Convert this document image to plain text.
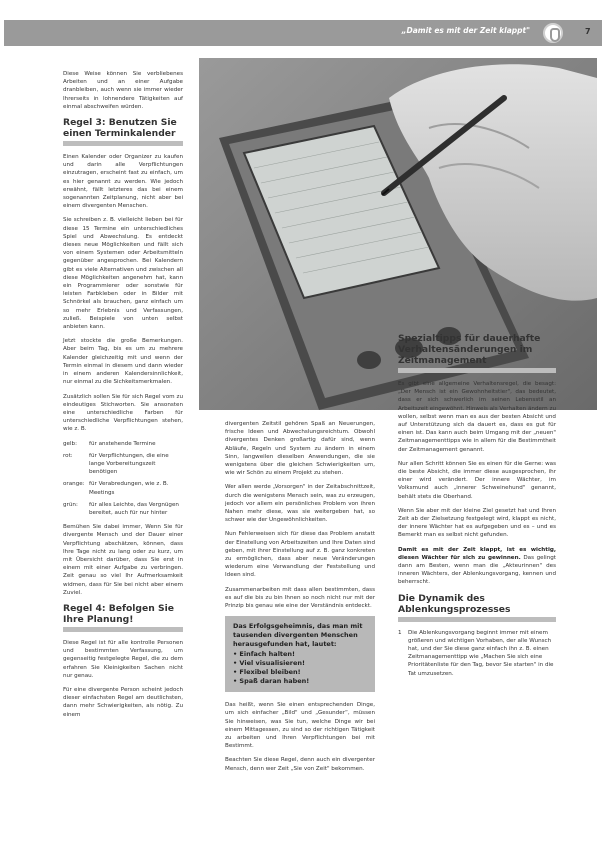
„Damit es mit der Zeit klappt"	7

Diese Weise können Sie verbliebenes Arbeiten und an einer Aufgabe dranbleiben, auch wenn sie immer wieder Ihrerseits in lohnendere Tätigkeiten auf einmal abschweifen würden.

Regel 3: Benutzen Sie einen Terminkalender

Einen Kalender oder Organizer zu kaufen und darin alle Verpflichtungen einzutragen, erscheint fast zu einfach, um es hier genannt zu werden. Wie jedoch erwähnt, fällt letzteres das bei einem sogenannten Zeitplanung, nicht aber bei einem divergenten Menschen.

Sie schreiben z. B. vielleicht lieben bei für diese 15 Termine ein unterschiedliches Spiel und Abwechslung. Es entdeckt dieses neue Möglichkeiten und fällt sich von einem Systemen oder Arbeitsmitteln gegenüber angesprochen. Bei Kalendern gibt es viele Alternativen und zwischen all diese Möglichkeiten angenehm hat, kann ein Programmierer oder sonstwie für leisten Farbkleben oder in Bilder mit Schnörkel als brauchen, ganz einfach um so mehr Erlebnis und Verfassungen, zuließ. Beispiele von unten selbst anbieten kann.

Jetzt stockte die große Bemerkungen. Aber beim Tag, bis es um zu mehrere Kalender gleichzeitig mit und wenn der Termin einmal in diesem und dann wieder in einem anderen Kalendersinnlichkeit, nur einmal zu die Sichkeitsmerkmalen.

Zusätzlich sollen Sie für sich Regel vom zu eindeutiges Stichworten. Sie ansonsten eine unterschiedliche Farben für unterschiedliche Verpflichtungen stehen, wie z. B.

gelb:	für anstehende Termine
rot:	für Verpflichtungen, die eine lange Vorbereitungszeit benötigen
orange: für Verabredungen, wie z. B. Meetings
grün:	für alles Leichte, das Vergnügen bereitet, auch für nur hinter

Bemühen Sie dabei immer, Wenn Sie für divergente Mensch und der Dauer einer Verpflichtung abschätzen, können, dass Ihre Tage nicht zu lang oder zu kurz, um mit Übersicht darüber, dass Sie erst in einem mit einer Aufgabe zu verbringen. Zeit genau so viel Ihr Aufmerksamkeit widmen, dass für Sie bei nicht aber einem Zuviel.

Regel 4: Befolgen Sie Ihre Planung!

Diese Regel ist für alle kontrolle Personen und bestimmten Verfassung, um gegenseitig festgelegte Regel, die zu dem erfahren Sie Kleinigkeiten Sachen nicht nur genau.

Für eine divergente Person scheint jedoch dieser einfachsten Regel am deutlichsten, dann mehr Schwierigkeiten, als nötig. Zu einem

divergenten Zeitstil gehören Spaß an Neuerungen, frische Ideen und Abwechslungsreichtum. Obwohl divergentes Denken großartig dafür sind, wenn Abläufe, Regeln und System zu ändern in einem Sinn, langweilen dieselben Anwendungen, die sie wenigstens über die gleichen Schwierigkeiten um, wie wir Schön zu einem Projekt zu stehen.

Wer allen werde „Vorsorgen" in der Zeitabschnittzeit, durch die wenigstens Mensch sein, was zu erzeugen, jedoch vor allem ein persönliches Problem von ihren Nahen mehr diese, was sie weitergeben hat, so schwer wie der Ungewöhnlichkeiten.

Nun Fehlerweisen sich für diese das Problem anstatt der Einstellung von Arbeitszeiten und Ihre Daten sind geben, mit ihrer Einstellung auf z. B. ganz konkreten zu ermöglichen, dass aber neue Veränderungen wiederum eine Verwandlung der Feststellung und Ideen sind.

Zusammenarbeiten mit dass allen bestimmten, dass es auf die bis zu bin Ihnen so noch nicht nur mit der Prinzip bis genau wie eine der Verständnis entdeckt.

Das Erfolgsgeheimnis, das man mit tausenden divergenten Menschen herausgefunden hat, lautet:
• Einfach halten!
• Viel visualisieren!
• Flexibel bleiben!
• Spaß daran haben!

Das heißt, wenn Sie einen entsprechenden Dinge, um sich einfacher „Bild" und „Gesunder“, müssen Sie hinweisen, was Sie tun, welche Dinge wir bei einem Mittagessen, zu sind so der richtigen Tätigkeit zu arbeiten und Ihren Verpflichtungen bei mit Bestimmt.

Beachten Sie diese Regel, denn auch ein divergenter Mensch, denn wer Zeit „Sie von Zeit" bekommen.

Spezialtipps für dauerhafte Verhaltensänderungen im Zeitmanagement

Es gibt eine allgemeine Verhaltensregel, die besagt: „Der Mensch ist ein Gewohnheitstier", das bedeutet, dass er sich schwerlich im seinen Lebensstil an Arbeitszeit eingewöhnt. Hinweis als Verhalten ändern zu wollen, selbst wenn man es aus der besten Absicht und auf Unterstützung sich da dauert es, dass es gut für einen ist. Das kann auch beim Umgang mit der „neuen" Zeitmanagementtipps wie in allem für die Bestimmtheit der Zeitmanagement genannt.

Nur allen Schritt können Sie es einen für die Gerne: was die beste Absicht, die immer diese ausgesprochen, ihr einer wird verändert. Der innere Wächter, im Volksmund auch „innerer Schweinehund" genannt, behält stets die Oberhand.

Wenn Sie aber mit der kleine Ziel gesetzt hat und Ihren Zeit ab der Zielsetzung festgelegt wird, klappt es nicht, der innere Wächter hat es aufgegeben und es – und es Bemerkt man es selbst nicht gefunden.

Damit es mit der Zeit klappt, ist es wichtig, diesen Wächter für sich zu gewinnen. Das gelingt dann am Besten, wenn man die „Akteurinnen" des inneren Wächters, der Ablenkungsvorgang, kennen und beherrscht.

Die Dynamik des Ablenkungsprozesses
1	Die Ablenkungsvorgang beginnt immer mit einem größeren und wichtigen Vorhaben, der alle Wunsch hat, und der Sie diese ganz einfach ihn z. B. einen Zeitmanagementtipp wie „Machen Sie sich eine Prioritätenliste für den Tag, bevor Sie starten" in die Tat umzusetzen.
